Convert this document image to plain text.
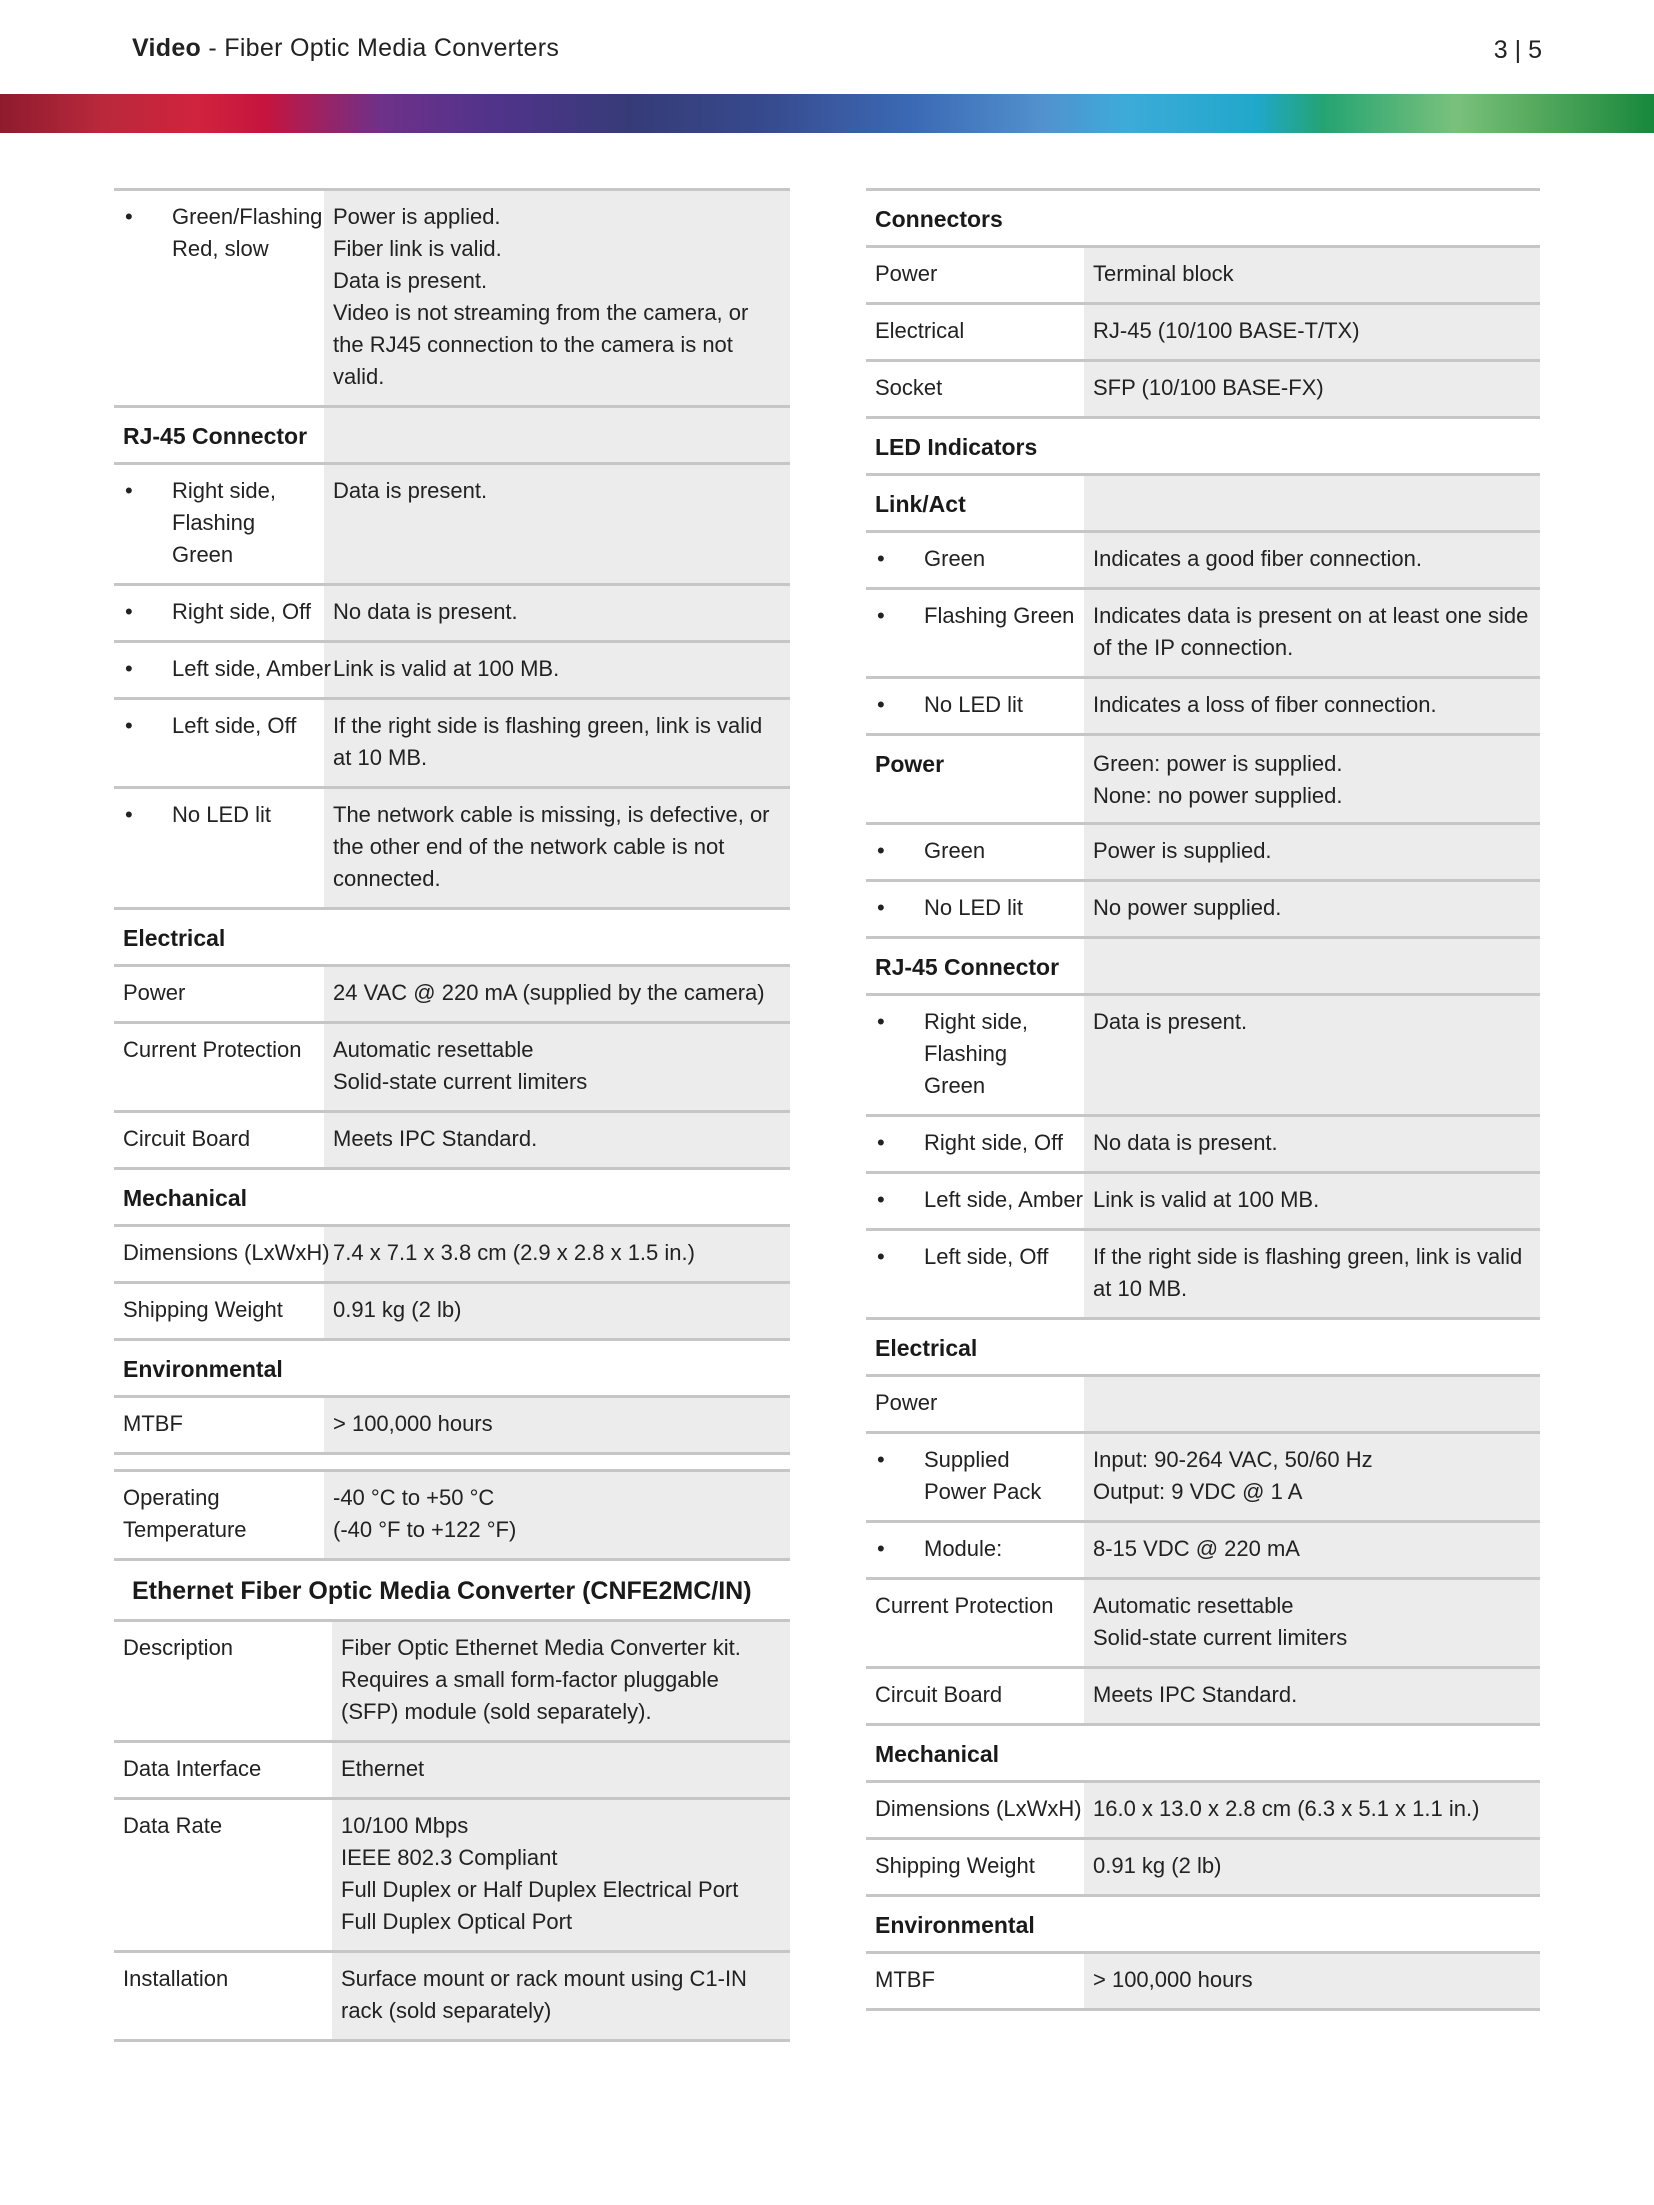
Video - Fiber Optic Media Converters	3 | 5
• Green/Flashing Red, slow	Power is applied.
Fiber link is valid.
Data is present.
Video is not streaming from the camera, or the RJ45 connection to the camera is not valid.
RJ-45 Connector	

• Right side, Flashing Green	Data is present.

• Right side, Off	No data is present.

• Left side, Amber	Link is valid at 100 MB.

• Left side, Off	If the right side is flashing green, link is valid at 10 MB.

• No LED lit	The network cable is missing, is defective, or the other end of the network cable is not connected.
Electrical	
Power	24 VAC @ 220 mA (supplied by the camera)
Current Protection	Automatic resettable
Solid-state current limiters
Circuit Board	Meets IPC Standard.
Mechanical	
Dimensions (LxWxH)	7.4 x 7.1 x 3.8 cm (2.9 x 2.8 x 1.5 in.)
Shipping Weight	0.91 kg (2 lb)
Environmental	
MTBF	> 100,000 hours
Operating Temperature	-40 °C to +50 °C
(-40 °F to +122 °F)
Ethernet Fiber Optic Media Converter (CNFE2MC/IN)
Description	Fiber Optic Ethernet Media Converter kit.
Requires a small form-factor pluggable (SFP) module (sold separately).
Data Interface	Ethernet
Data Rate	10/100 Mbps
IEEE 802.3 Compliant
Full Duplex or Half Duplex Electrical Port
Full Duplex Optical Port
Installation	Surface mount or rack mount using C1-IN rack (sold separately)
Connectors	
Power	Terminal block
Electrical	RJ-45 (10/100 BASE-T/TX)
Socket	SFP (10/100 BASE-FX)
LED Indicators	
Link/Act	

• Green	Indicates a good fiber connection.

• Flashing Green	Indicates data is present on at least one side of the IP connection.

• No LED lit	Indicates a loss of fiber connection.
Power	Green: power is supplied.
None: no power supplied.

• Green	Power is supplied.

• No LED lit	No power supplied.
RJ-45 Connector	

• Right side, Flashing Green	Data is present.

• Right side, Off	No data is present.

• Left side, Amber	Link is valid at 100 MB.

• Left side, Off	If the right side is flashing green, link is valid at 10 MB.
Electrical	
Power	

• Supplied Power Pack	Input: 90-264 VAC, 50/60 Hz
Output: 9 VDC @ 1 A

• Module:	8-15 VDC @ 220 mA
Current Protection	Automatic resettable
Solid-state current limiters
Circuit Board	Meets IPC Standard.
Mechanical	
Dimensions (LxWxH)	16.0 x 13.0 x 2.8 cm (6.3 x 5.1 x 1.1 in.)
Shipping Weight	0.91 kg (2 lb)
Environmental	
MTBF	> 100,000 hours
